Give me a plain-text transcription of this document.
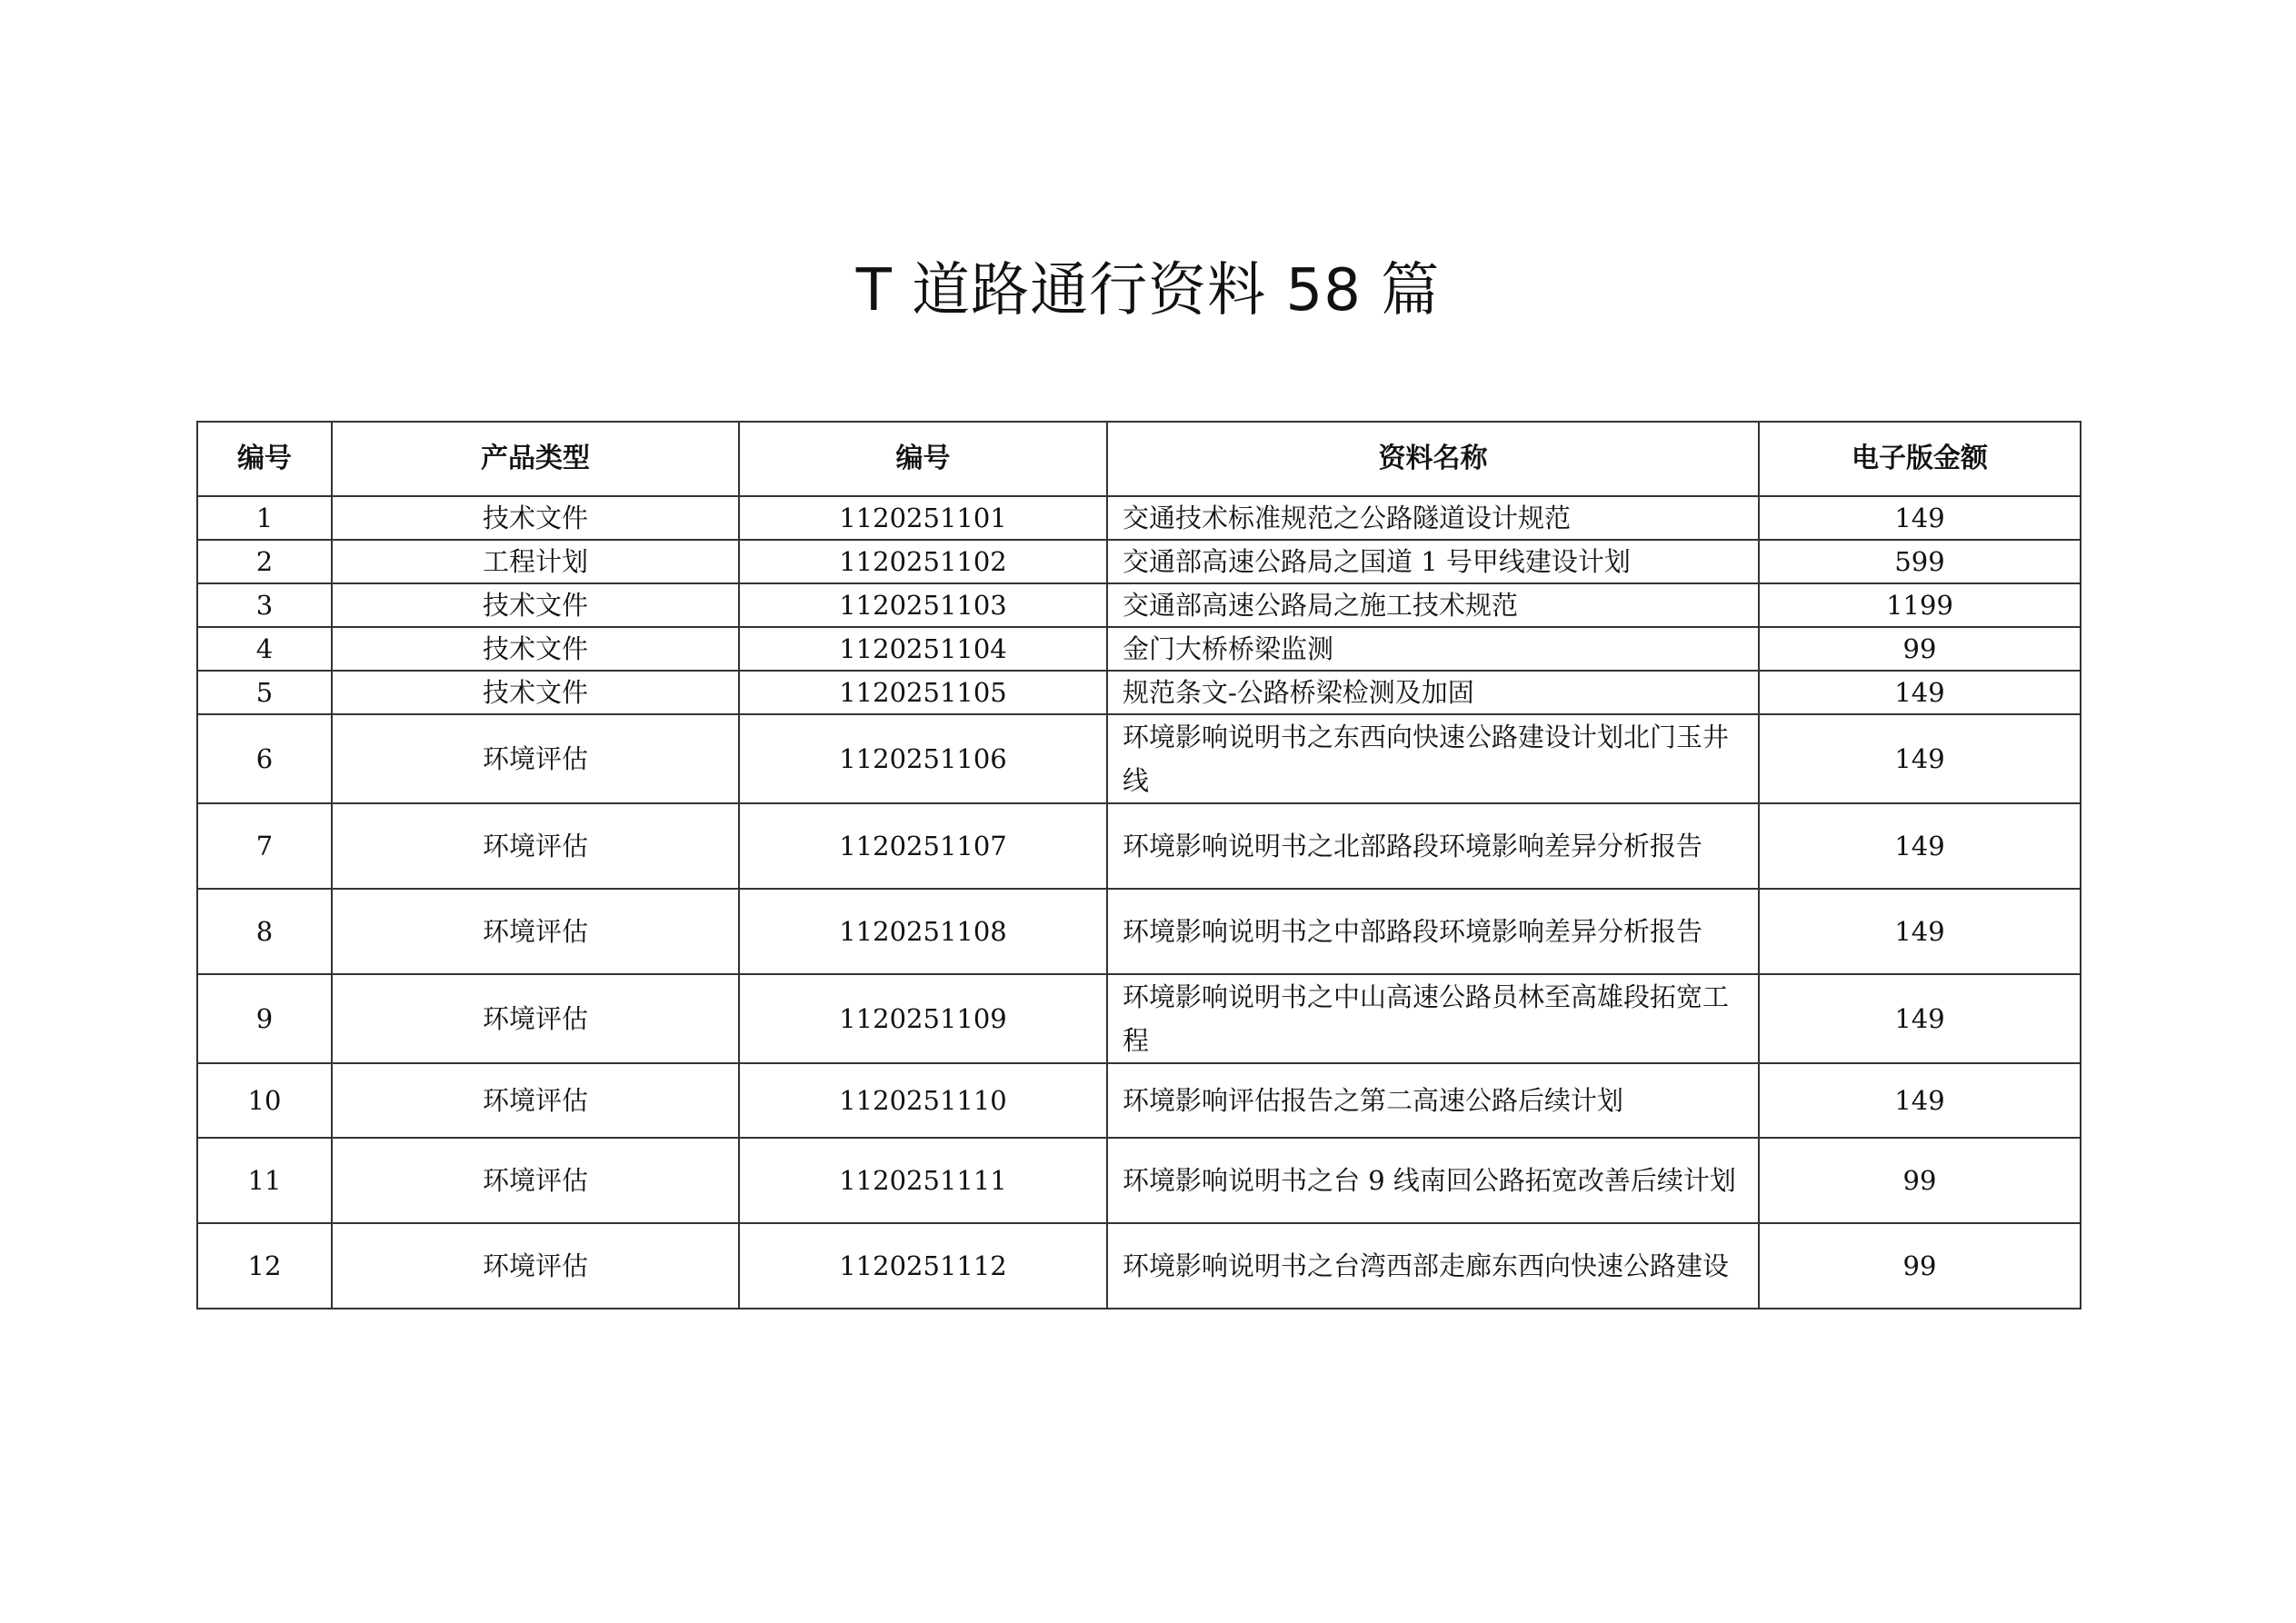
T 道路通行资料 58 篇
编号	产品类型	编号	资料名称	电子版金额
1	技术文件	1120251101	交通技术标准规范之公路隧道设计规范	149
2	工程计划	1120251102	交通部高速公路局之国道 1 号甲线建设计划	599
3	技术文件	1120251103	交通部高速公路局之施工技术规范	1199
4	技术文件	1120251104	金门大桥桥梁监测	99
5	技术文件	1120251105	规范条文-公路桥梁检测及加固	149
6	环境评估	1120251106	环境影响说明书之东西向快速公路建设计划北门玉井线	149
7	环境评估	1120251107	环境影响说明书之北部路段环境影响差异分析报告	149
8	环境评估	1120251108	环境影响说明书之中部路段环境影响差异分析报告	149
9	环境评估	1120251109	环境影响说明书之中山高速公路员林至高雄段拓宽工程	149
10	环境评估	1120251110	环境影响评估报告之第二高速公路后续计划	149
11	环境评估	1120251111	环境影响说明书之台 9 线南回公路拓宽改善后续计划	99
12	环境评估	1120251112	环境影响说明书之台湾西部走廊东西向快速公路建设	99
